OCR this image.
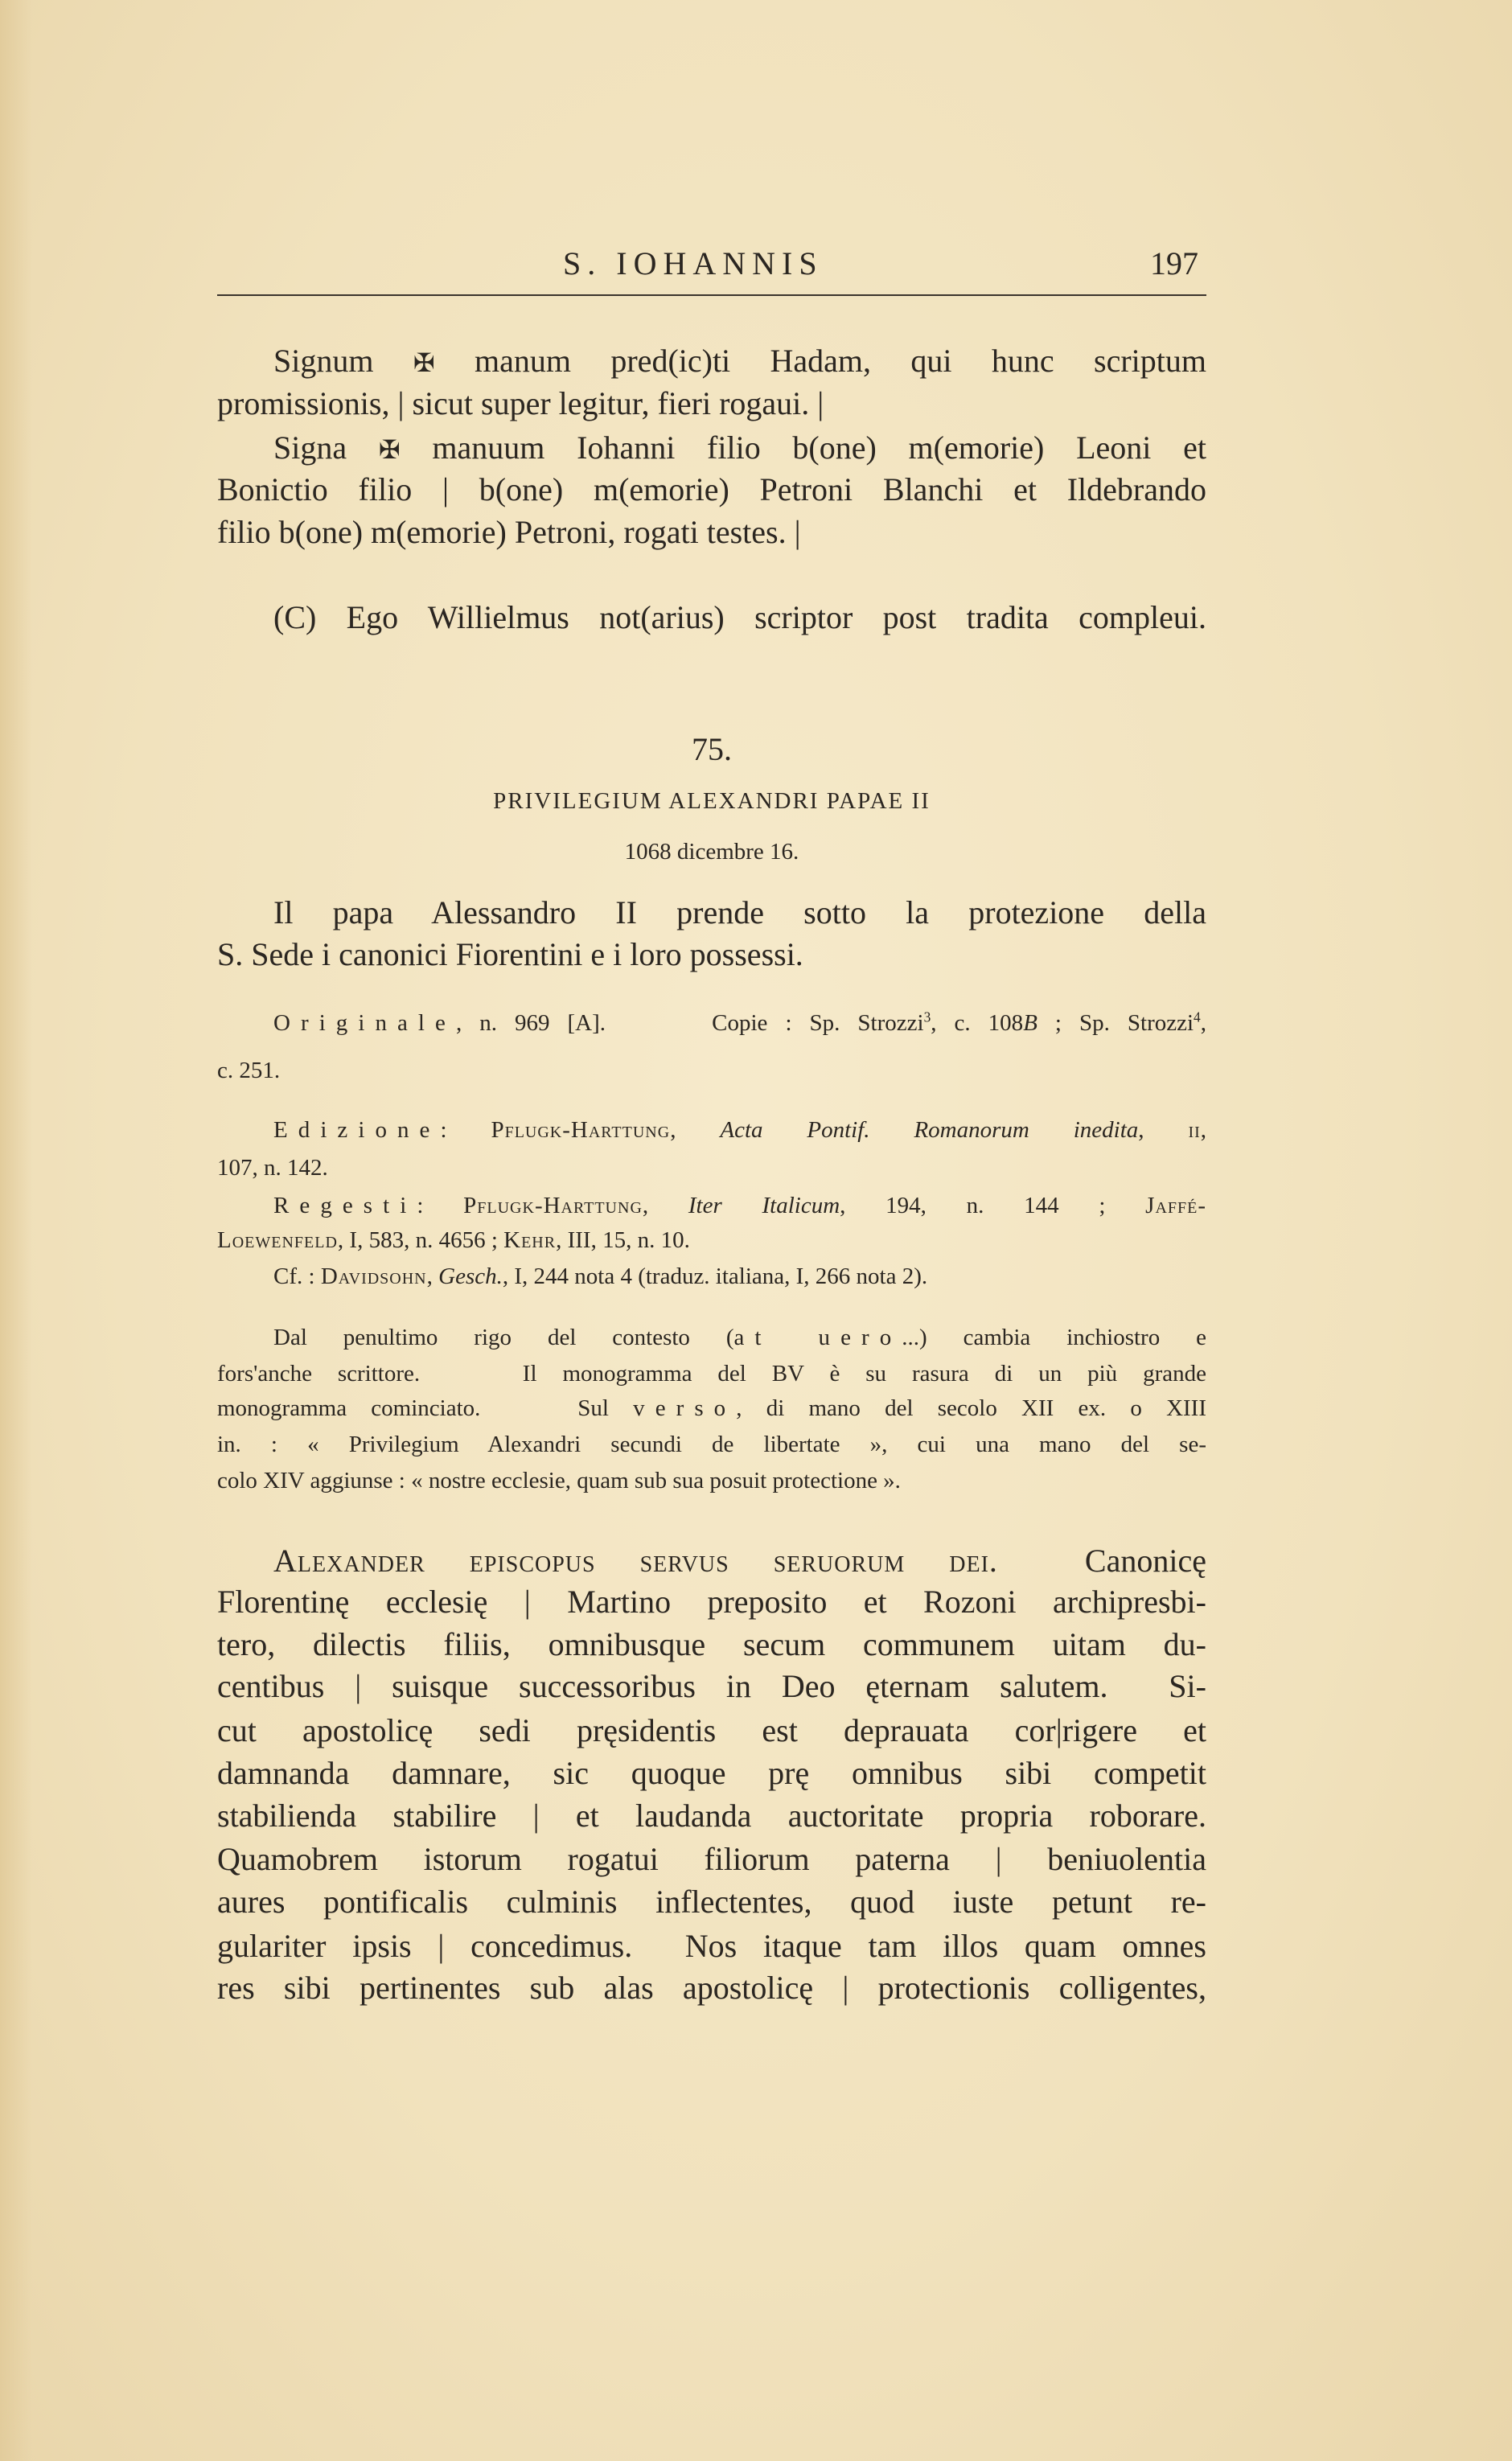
S. IOHANNIS	197
Signum ✠ manum pred(ic)ti Hadam, qui hunc scriptum
promissionis, | sicut super legitur, fieri rogaui. |
Signa ✠ manuum Iohanni filio b(one) m(emorie) Leoni et
Bonictio filio | b(one) m(emorie) Petroni Blanchi et Ildebrando
filio b(one) m(emorie) Petroni, rogati testes. |
(C) Ego Willielmus not(arius) scriptor post tradita compleui.
75.
PRIVILEGIUM ALEXANDRI PAPAE II
1068 dicembre 16.
Il papa Alessandro II prende sotto la protezione della
S. Sede i canonici Fiorentini e i loro possessi.
Originale, n. 969 [A].      Copie : Sp. Strozzi$^3$, c. 108B ; Sp. Strozzi$^4$,
c. 251.
Edizione: Pflugk-Harttung, Acta Pontif. Romanorum inedita, ii,
107, n. 142.
Regesti: Pflugk-Harttung, Iter Italicum, 194, n. 144 ; Jaffé-
Loewenfeld, I, 583, n. 4656 ; Kehr, III, 15, n. 10.
Cf. : Davidsohn, Gesch., I, 244 nota 4 (traduz. italiana, I, 266 nota 2).
Dal penultimo rigo del contesto (at uero...) cambia inchiostro e
fors'anche scrittore.    Il monogramma del BV è su rasura di un più grande
monogramma cominciato.    Sul verso, di mano del secolo XII ex. o XIII
in. : « Privilegium Alexandri secundi de libertate », cui una mano del se-
colo XIV aggiunse : « nostre ecclesie, quam sub sua posuit protectione ».
Alexander episcopus servus seruorum dei.  Canonicę
Florentinę ecclesię | Martino preposito et Rozoni archipresbi-
tero, dilectis filiis, omnibusque secum communem uitam du-
centibus | suisque successoribus in Deo ęternam salutem.  Si-
cut apostolicę sedi pręsidentis est deprauata cor|rigere et
damnanda damnare, sic quoque prę omnibus sibi competit
stabilienda stabilire | et laudanda auctoritate propria roborare.
Quamobrem istorum rogatui filiorum paterna | beniuolentia
aures pontificalis culminis inflectentes, quod iuste petunt re-
gulariter ipsis | concedimus.  Nos itaque tam illos quam omnes
res sibi pertinentes sub alas apostolicę | protectionis colligentes,
